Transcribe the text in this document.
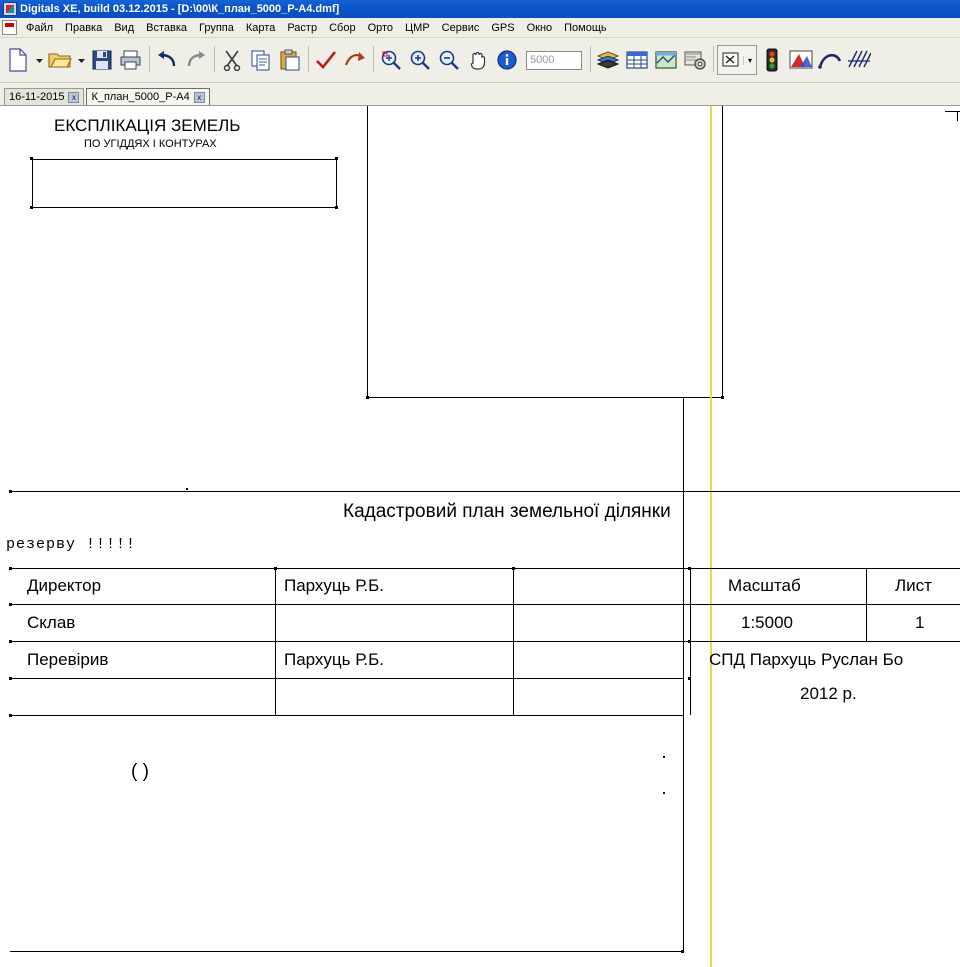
Digitals XE, build 03.12.2015 - [D:\00\К_план_5000_Р-А4.dmf]
Файл	Правка	Вид	Вставка	Группа	Карта	Растр	Сбор	Орто	ЦМР	Сервис	GPS	Окно	Помощь
5000	▾
16-11-2015 x	К_план_5000_Р-А4 x
ЕКСПЛІКАЦІЯ ЗЕМЕЛЬ
ПО УГІДДЯХ І КОНТУРАХ
Кадастровий план земельної ділянки
резерву !!!!!
Директор	Пархуць Р.Б.
Склав
Перевірив	Пархуць Р.Б.
Масштаб	Лист
1:5000	1
СПД Пархуць Руслан Бо
2012 р.
( )
